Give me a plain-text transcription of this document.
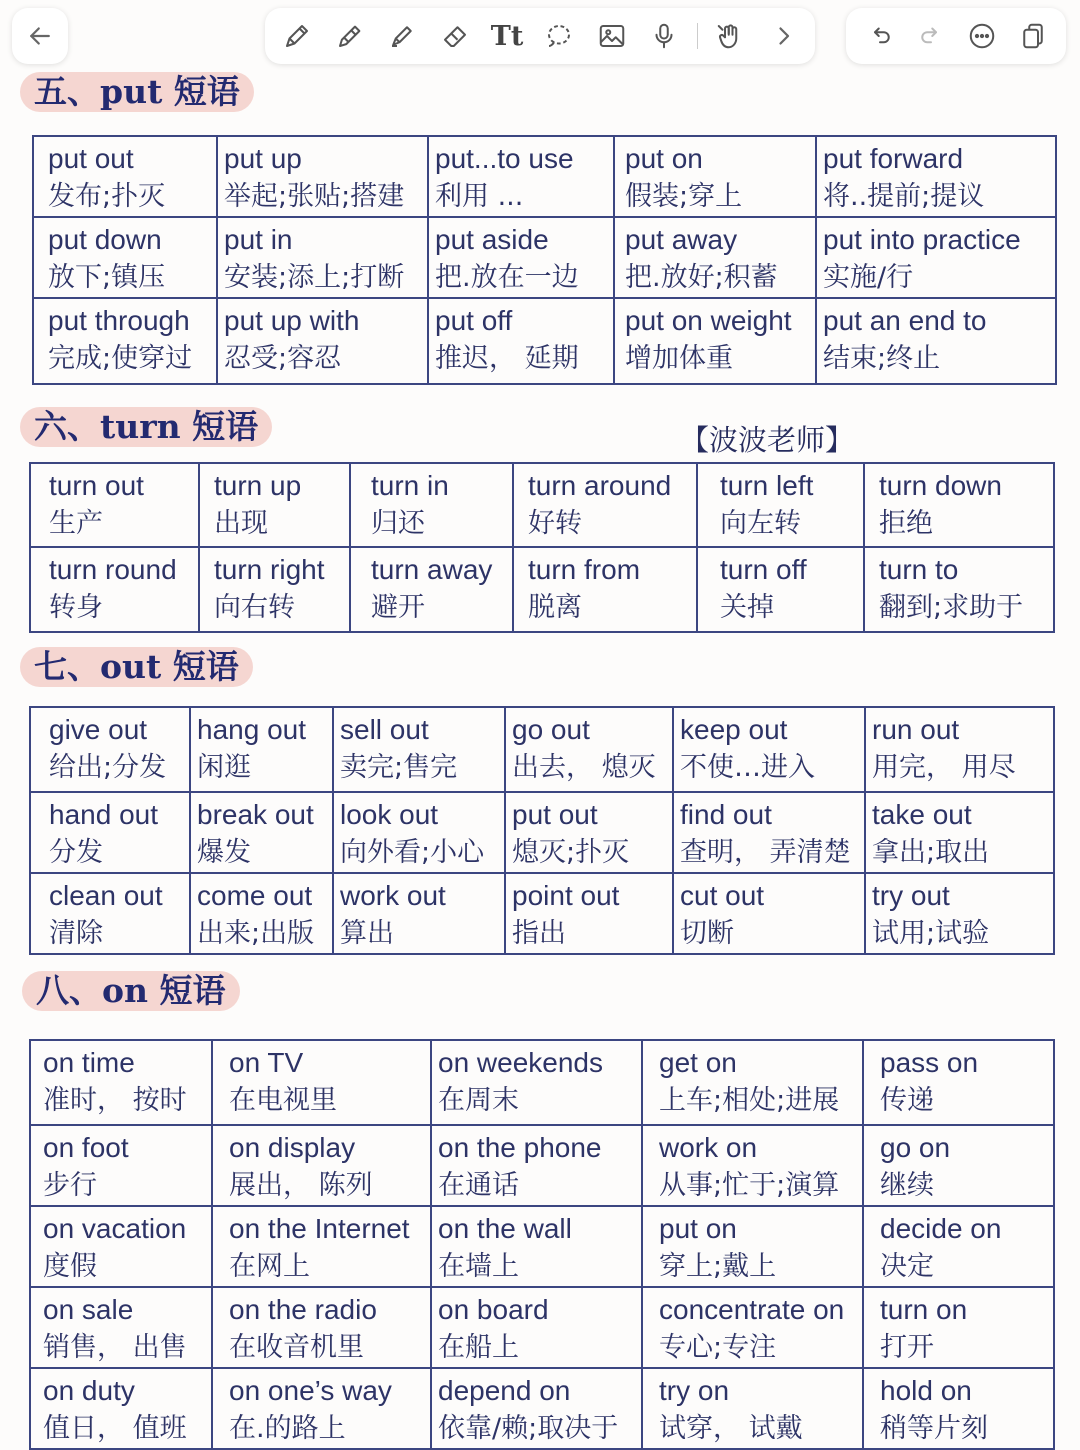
Tt
五、put 短语
put out
发布;扑灭	put up
举起;张贴;搭建	put...to use
利用 ...	put on
假装;穿上	put forward
将..提前;提议

put down
放下;镇压	put in
安装;添上;打断	put aside
把.放在一边	put away
把.放好;积蓄	put into practice
实施/行

put through
完成;使穿过	put up with
忍受;容忍	put off
推迟， 延期	put on weight
增加体重	put an end to
结束;终止
六、turn 短语	【波波老师】
turn out
生产	turn up
出现	turn in
归还	turn around
好转	turn left
向左转	turn down
拒绝

turn round
转身	turn right
向右转	turn away
避开	turn from
脱离	turn off
关掉	turn to
翻到;求助于
七、out 短语
give out
给出;分发	hang out
闲逛	sell out
卖完;售完	go out
出去， 熄灭	keep out
不使…进入	run out
用完， 用尽

hand out
分发	break out
爆发	look out
向外看;小心	put out
熄灭;扑灭	find out
查明， 弄清楚	take out
拿出;取出

clean out
清除	come out
出来;出版	work out
算出	point out
指出	cut out
切断	try out
试用;试验
八、on 短语
on time
准时， 按时	on TV
在电视里	on weekends
在周末	get on
上车;相处;进展	pass on
传递

on foot
步行	on display
展出， 陈列	on the phone
在通话	work on
从事;忙于;演算	go on
继续

on vacation
度假	on the Internet
在网上	on the wall
在墙上	put on
穿上;戴上	decide on
决定

on sale
销售， 出售	on the radio
在收音机里	on board
在船上	concentrate on
专心;专注	turn on
打开

on duty
值日， 值班	on one’s way
在.的路上	depend on
依靠/赖;取决于	try on
试穿， 试戴	hold on
稍等片刻
